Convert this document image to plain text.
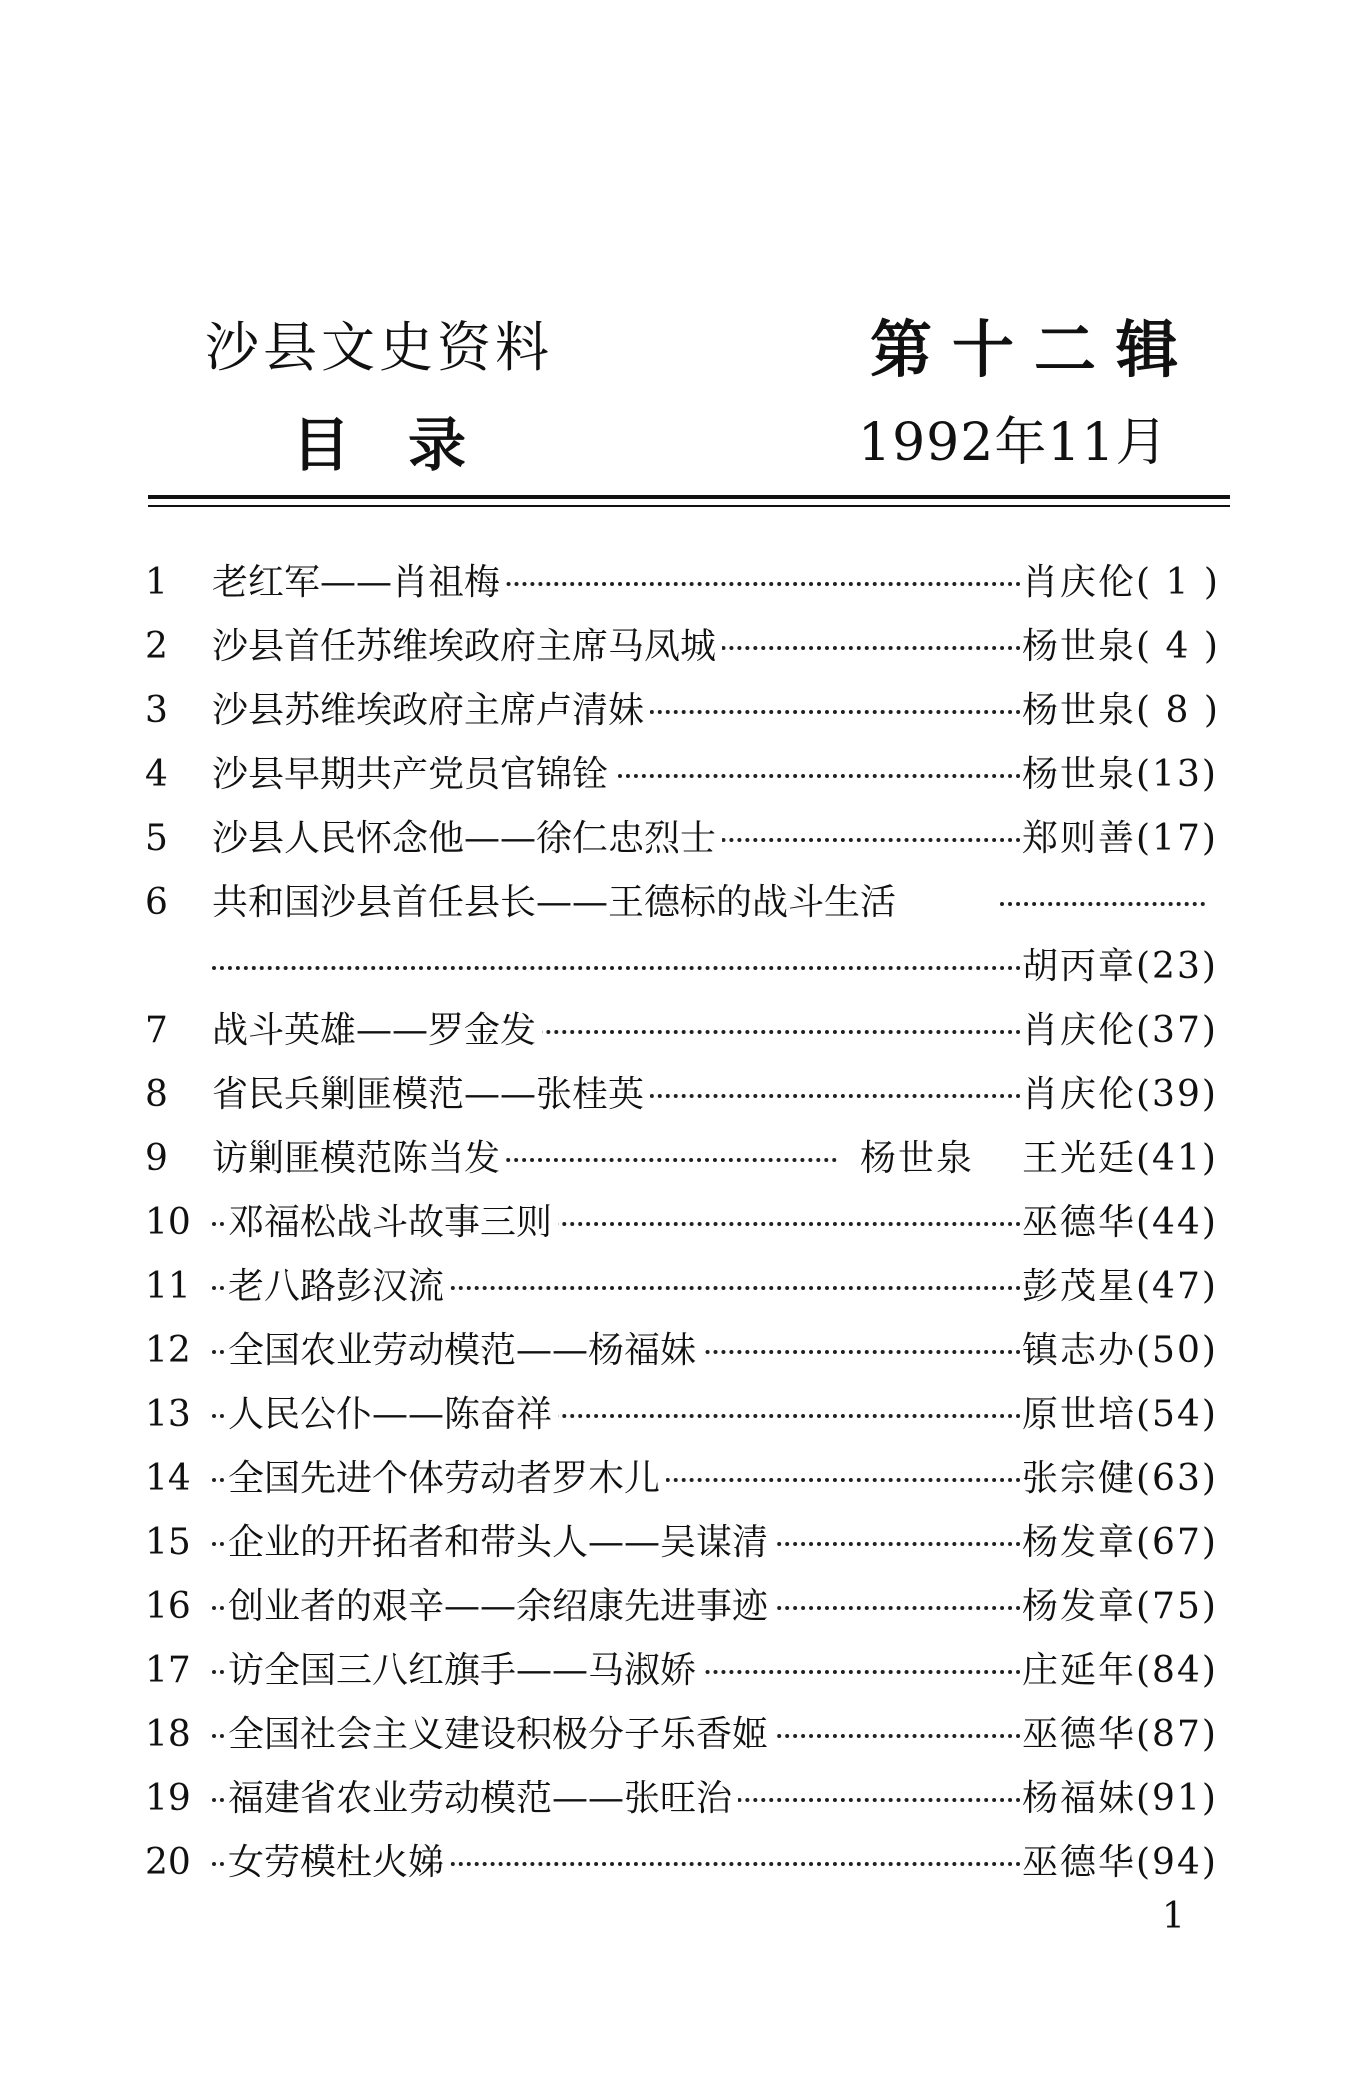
沙县文史资料	第十二辑
目录	1992年11月
1	老红军——肖祖梅	肖庆伦( 1 )
2	沙县首任苏维埃政府主席马凤城	杨世泉( 4 )
3	沙县苏维埃政府主席卢清妹	杨世泉( 8 )
4	沙县早期共产党员官锦铨	杨世泉(13)
5	沙县人民怀念他——徐仁忠烈士	郑则善(17)
6	共和国沙县首任县长——王德标的战斗生活
胡丙章(23)
7	战斗英雄——罗金发	肖庆伦(37)
8	省民兵剿匪模范——张桂英	肖庆伦(39)
9	访剿匪模范陈当发	杨世泉 王光廷(41)
10 邓福松战斗故事三则	巫德华(44)
11 老八路彭汉流	彭茂星(47)
12 全国农业劳动模范——杨福妹	镇志办(50)
13 人民公仆——陈奋祥	原世培(54)
14 全国先进个体劳动者罗木儿	张宗健(63)
15 企业的开拓者和带头人——吴谋清	杨发章(67)
16 创业者的艰辛——余绍康先进事迹	杨发章(75)
17 访全国三八红旗手——马淑娇	庄延年(84)
18 全国社会主义建设积极分子乐香姬	巫德华(87)
19 福建省农业劳动模范——张旺治	杨福妹(91)
20 女劳模杜火娣	巫德华(94)
1
